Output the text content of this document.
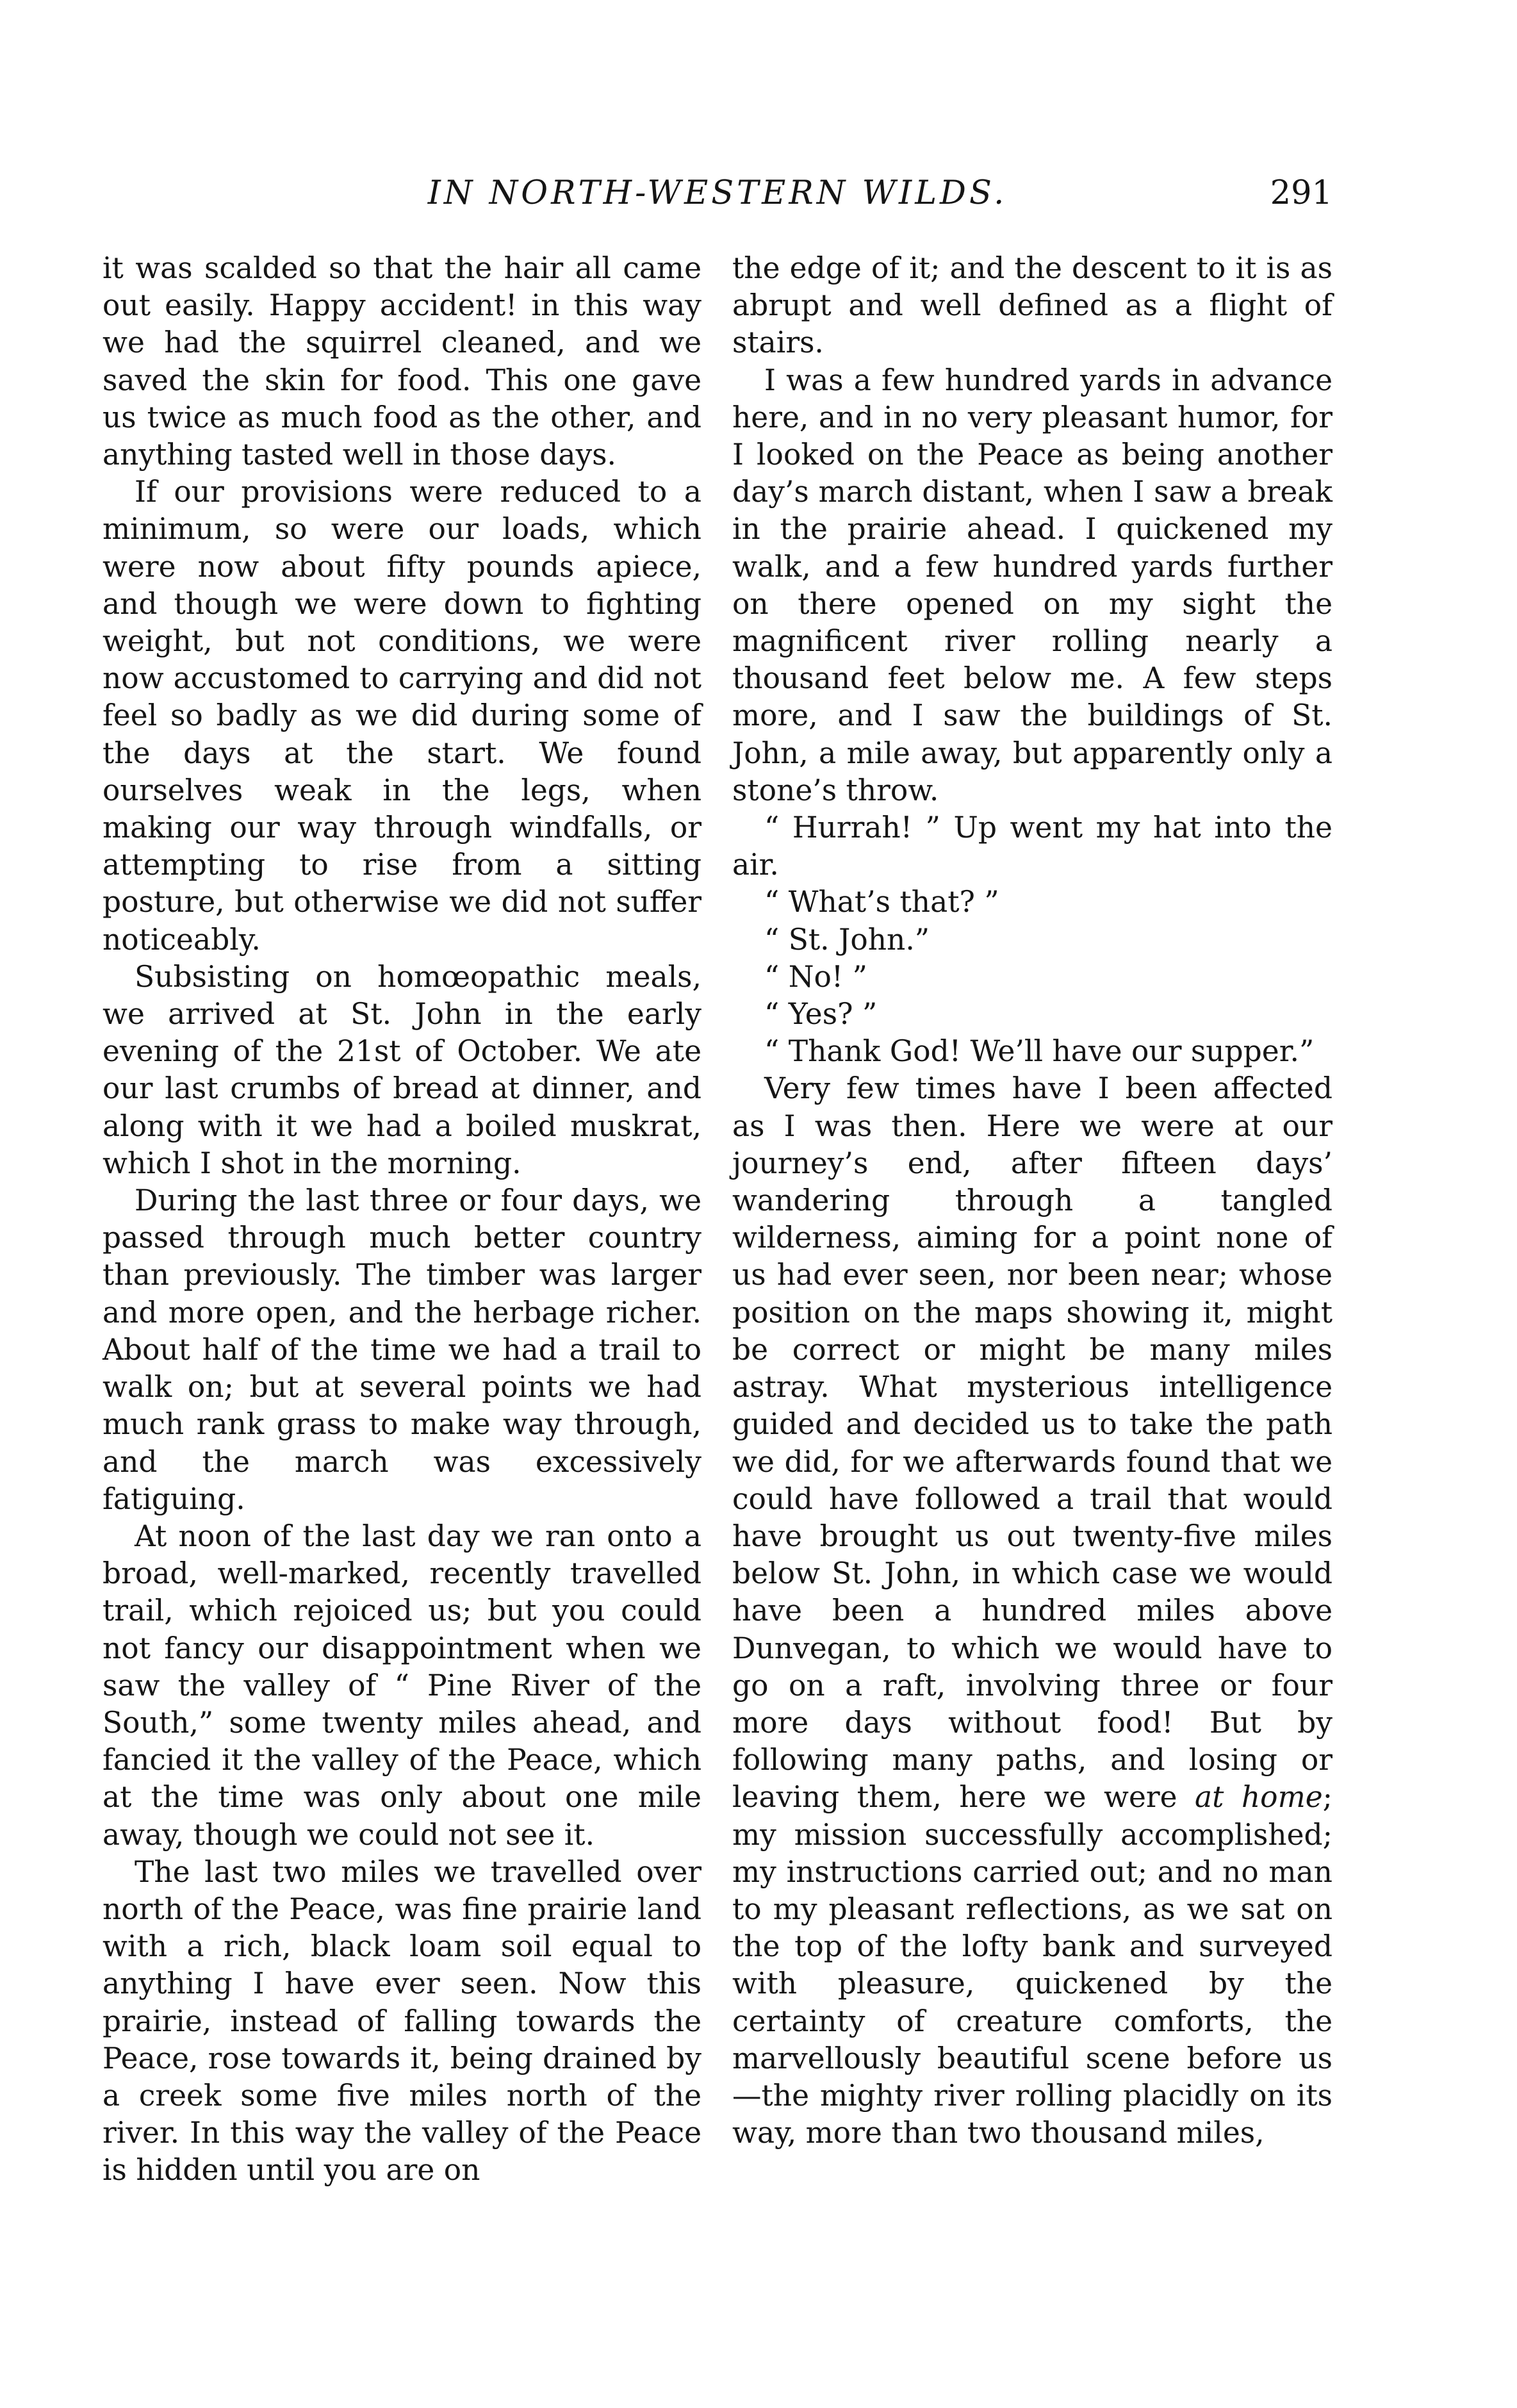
IN NORTH-WESTERN WILDS.	291

it was scalded so that the hair all came out easily. Happy accident! in this way we had the squirrel cleaned, and we saved the skin for food. This one gave us twice as much food as the other, and anything tasted well in those days.

If our provisions were reduced to a minimum, so were our loads, which were now about fifty pounds apiece, and though we were down to fighting weight, but not conditions, we were now accustomed to carrying and did not feel so badly as we did during some of the days at the start. We found ourselves weak in the legs, when making our way through windfalls, or attempting to rise from a sitting posture, but otherwise we did not suffer noticeably.

Subsisting on homœopathic meals, we arrived at St. John in the early evening of the 21st of October. We ate our last crumbs of bread at dinner, and along with it we had a boiled muskrat, which I shot in the morning.

During the last three or four days, we passed through much better country than previously. The timber was larger and more open, and the herbage richer. About half of the time we had a trail to walk on; but at several points we had much rank grass to make way through, and the march was excessively fatiguing.

At noon of the last day we ran onto a broad, well-marked, recently travelled trail, which rejoiced us; but you could not fancy our disappointment when we saw the valley of “ Pine River of the South,” some twenty miles ahead, and fancied it the valley of the Peace, which at the time was only about one mile away, though we could not see it.

The last two miles we travelled over north of the Peace, was fine prairie land with a rich, black loam soil equal to anything I have ever seen. Now this prairie, instead of falling towards the Peace, rose towards it, being drained by a creek some five miles north of the river. In this way the valley of the Peace is hidden until you are on

the edge of it; and the descent to it is as abrupt and well defined as a flight of stairs.

I was a few hundred yards in advance here, and in no very pleasant humor, for I looked on the Peace as being another day’s march distant, when I saw a break in the prairie ahead. I quickened my walk, and a few hundred yards further on there opened on my sight the magnificent river rolling nearly a thousand feet below me. A few steps more, and I saw the buildings of St. John, a mile away, but apparently only a stone’s throw.

“ Hurrah! ” Up went my hat into the air.

“ What’s that? ”

“ St. John.”

“ No! ”

“ Yes? ”

“ Thank God! We’ll have our supper.”

Very few times have I been affected as I was then. Here we were at our journey’s end, after fifteen days’ wandering through a tangled wilderness, aiming for a point none of us had ever seen, nor been near; whose position on the maps showing it, might be correct or might be many miles astray. What mysterious intelligence guided and decided us to take the path we did, for we afterwards found that we could have followed a trail that would have brought us out twenty-five miles below St. John, in which case we would have been a hundred miles above Dunvegan, to which we would have to go on a raft, involving three or four more days without food! But by following many paths, and losing or leaving them, here we were at home; my mission successfully accomplished; my instructions carried out; and no man to my pleasant reflections, as we sat on the top of the lofty bank and surveyed with pleasure, quickened by the certainty of creature comforts, the marvellously beautiful scene before us —the mighty river rolling placidly on its way, more than two thousand miles,
